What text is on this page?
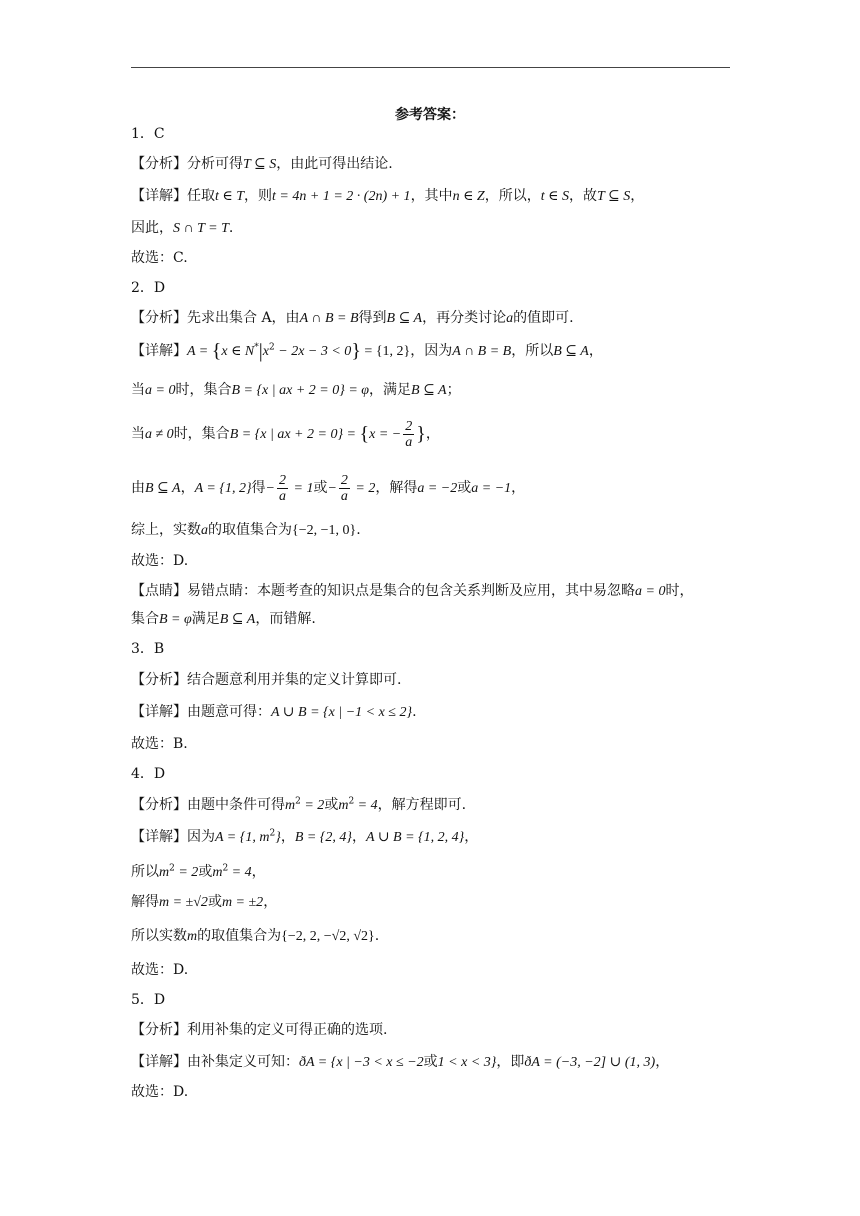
参考答案：
1．C
【分析】分析可得T ⊆ S，由此可得出结论.
【详解】任取t ∈ T，则t = 4n + 1 = 2 · (2n) + 1，其中n ∈ Z，所以，t ∈ S，故T ⊆ S，
因此，S ∩ T = T.
故选：C.
2．D
【分析】先求出集合 A，由A ∩ B = B得到B ⊆ A，再分类讨论a的值即可.
【详解】A = {x ∈ $N^*|x^2 - 2x - 3 < 0\} = \{1$, 2}，因为A ∩ B = B，所以B ⊆ A，
当a = 0时，集合B = {x | ax + 2 = 0} = φ，满足B ⊆ A；
当a ≠ 0时，集合B = {x | ax + 2 = 0} = {x = − $\frac{2}{a}$ }，
由B ⊆ A，A = {1, 2}得− $\frac{2}{a} = 1$或− $\frac{2}{a} = 2$，解得a = −2或a = −1，
综上，实数a的取值集合为{−2, −1, 0}.
故选：D.
【点睛】易错点睛：本题考查的知识点是集合的包含关系判断及应用，其中易忽略a = 0时，
集合B = φ满足B ⊆ A，而错解.
3．B
【分析】结合题意利用并集的定义计算即可.
【详解】由题意可得：A ∪ B = {x | −1 < x ≤ 2}.
故选：B.
4．D
【分析】由题中条件可得$m^2 = 2$或$m^2 = 4$，解方程即可.
【详解】因为A = {1, $m^2$}，B = {2, 4}，A ∪ B = {1, 2, 4}，
所以$m^2 = 2$或$m^2 = 4$，
解得m = ±√2或m = ±2，
所以实数m的取值集合为{−2, 2, −√2, √2}.
故选：D.
5．D
【分析】利用补集的定义可得正确的选项.
【详解】由补集定义可知：ðA = {x | −3 < x ≤ −2或1 < x < 3}，即ðA = (−3, −2] ∪ (1, 3)，
故选：D.
